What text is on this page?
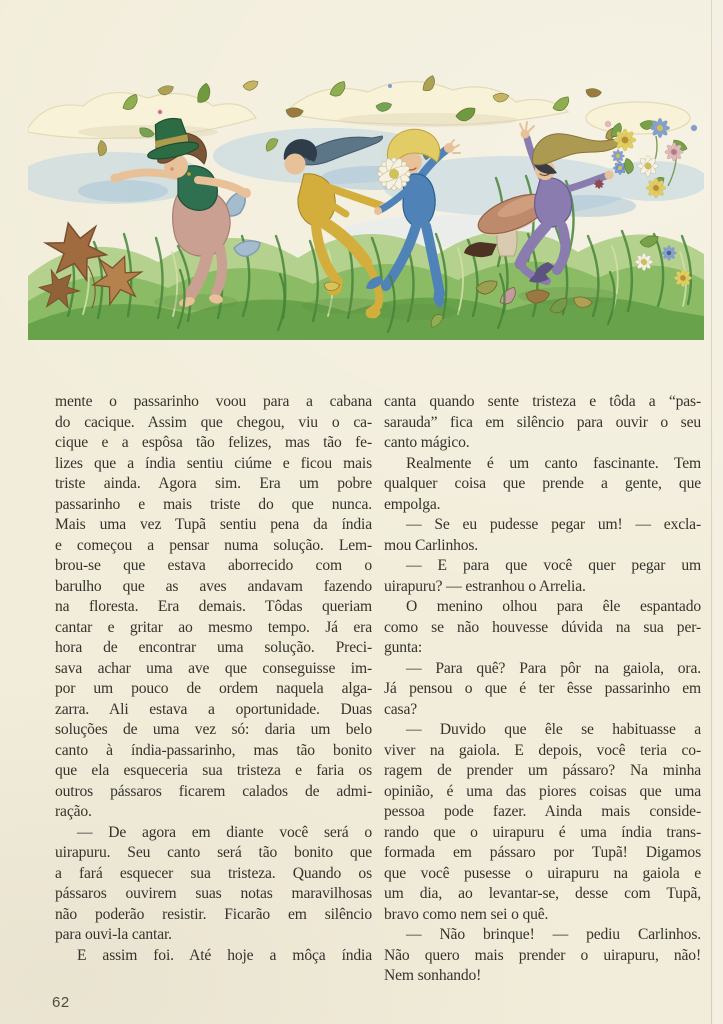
mente o passarinho voou para a cabana
do cacique. Assim que chegou, viu o ca-
cique e a espôsa tão felizes, mas tão fe-
lizes que a índia sentiu ciúme e ficou mais
triste ainda. Agora sim. Era um pobre
passarinho e mais triste do que nunca.
Mais uma vez Tupã sentiu pena da índia
e começou a pensar numa solução. Lem-
brou-se que estava aborrecido com o
barulho que as aves andavam fazendo
na floresta. Era demais. Tôdas queriam
cantar e gritar ao mesmo tempo. Já era
hora de encontrar uma solução. Preci-
sava achar uma ave que conseguisse im-
por um pouco de ordem naquela alga-
zarra. Ali estava a oportunidade. Duas
soluções de uma vez só: daria um belo
canto à índia-passarinho, mas tão bonito
que ela esqueceria sua tristeza e faria os
outros pássaros ficarem calados de admi-
ração.
— De agora em diante você será o
uirapuru. Seu canto será tão bonito que
a fará esquecer sua tristeza. Quando os
pássaros ouvirem suas notas maravilhosas
não poderão resistir. Ficarão em silêncio
para ouvi-la cantar.
E assim foi. Até hoje a môça índia
canta quando sente tristeza e tôda a “pas-
sarauda” fica em silêncio para ouvir o seu
canto mágico.
Realmente é um canto fascinante. Tem
qualquer coisa que prende a gente, que
empolga.
— Se eu pudesse pegar um! — excla-
mou Carlinhos.
— E para que você quer pegar um
uirapuru? — estranhou o Arrelia.
O menino olhou para êle espantado
como se não houvesse dúvida na sua per-
gunta:
— Para quê? Para pôr na gaiola, ora.
Já pensou o que é ter êsse passarinho em
casa?
— Duvido que êle se habituasse a
viver na gaiola. E depois, você teria co-
ragem de prender um pássaro? Na minha
opinião, é uma das piores coisas que uma
pessoa pode fazer. Ainda mais conside-
rando que o uirapuru é uma índia trans-
formada em pássaro por Tupã! Digamos
que você pusesse o uirapuru na gaiola e
um dia, ao levantar-se, desse com Tupã,
bravo como nem sei o quê.
— Não brinque! — pediu Carlinhos.
Não quero mais prender o uirapuru, não!
Nem sonhando!
62
